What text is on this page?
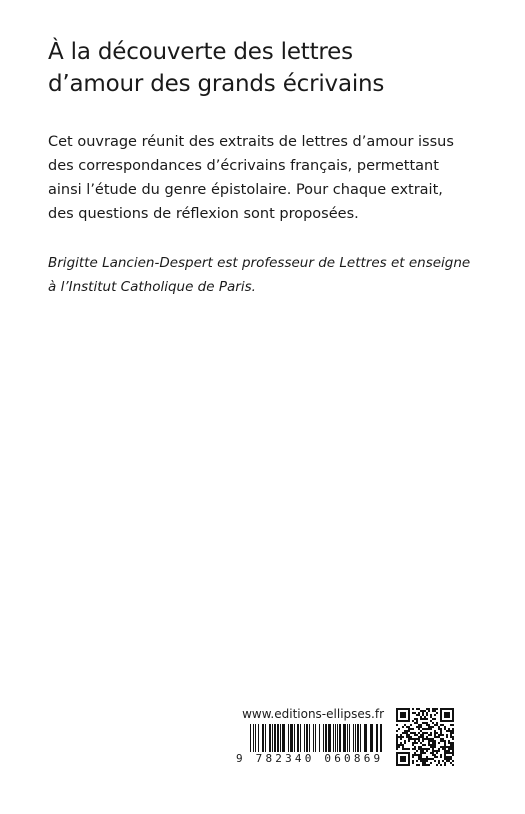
À la découverte des lettres
d’amour des grands écrivains
Cet ouvrage réunit des extraits de lettres d’amour issus
des correspondances d’écrivains français, permettant
ainsi l’étude du genre épistolaire. Pour chaque extrait,
des questions de réflexion sont proposées.
Brigitte Lancien-Despert est professeur de Lettres et enseigne
à l’Institut Catholique de Paris.
www.editions-ellipses.fr
9 782340 060869
